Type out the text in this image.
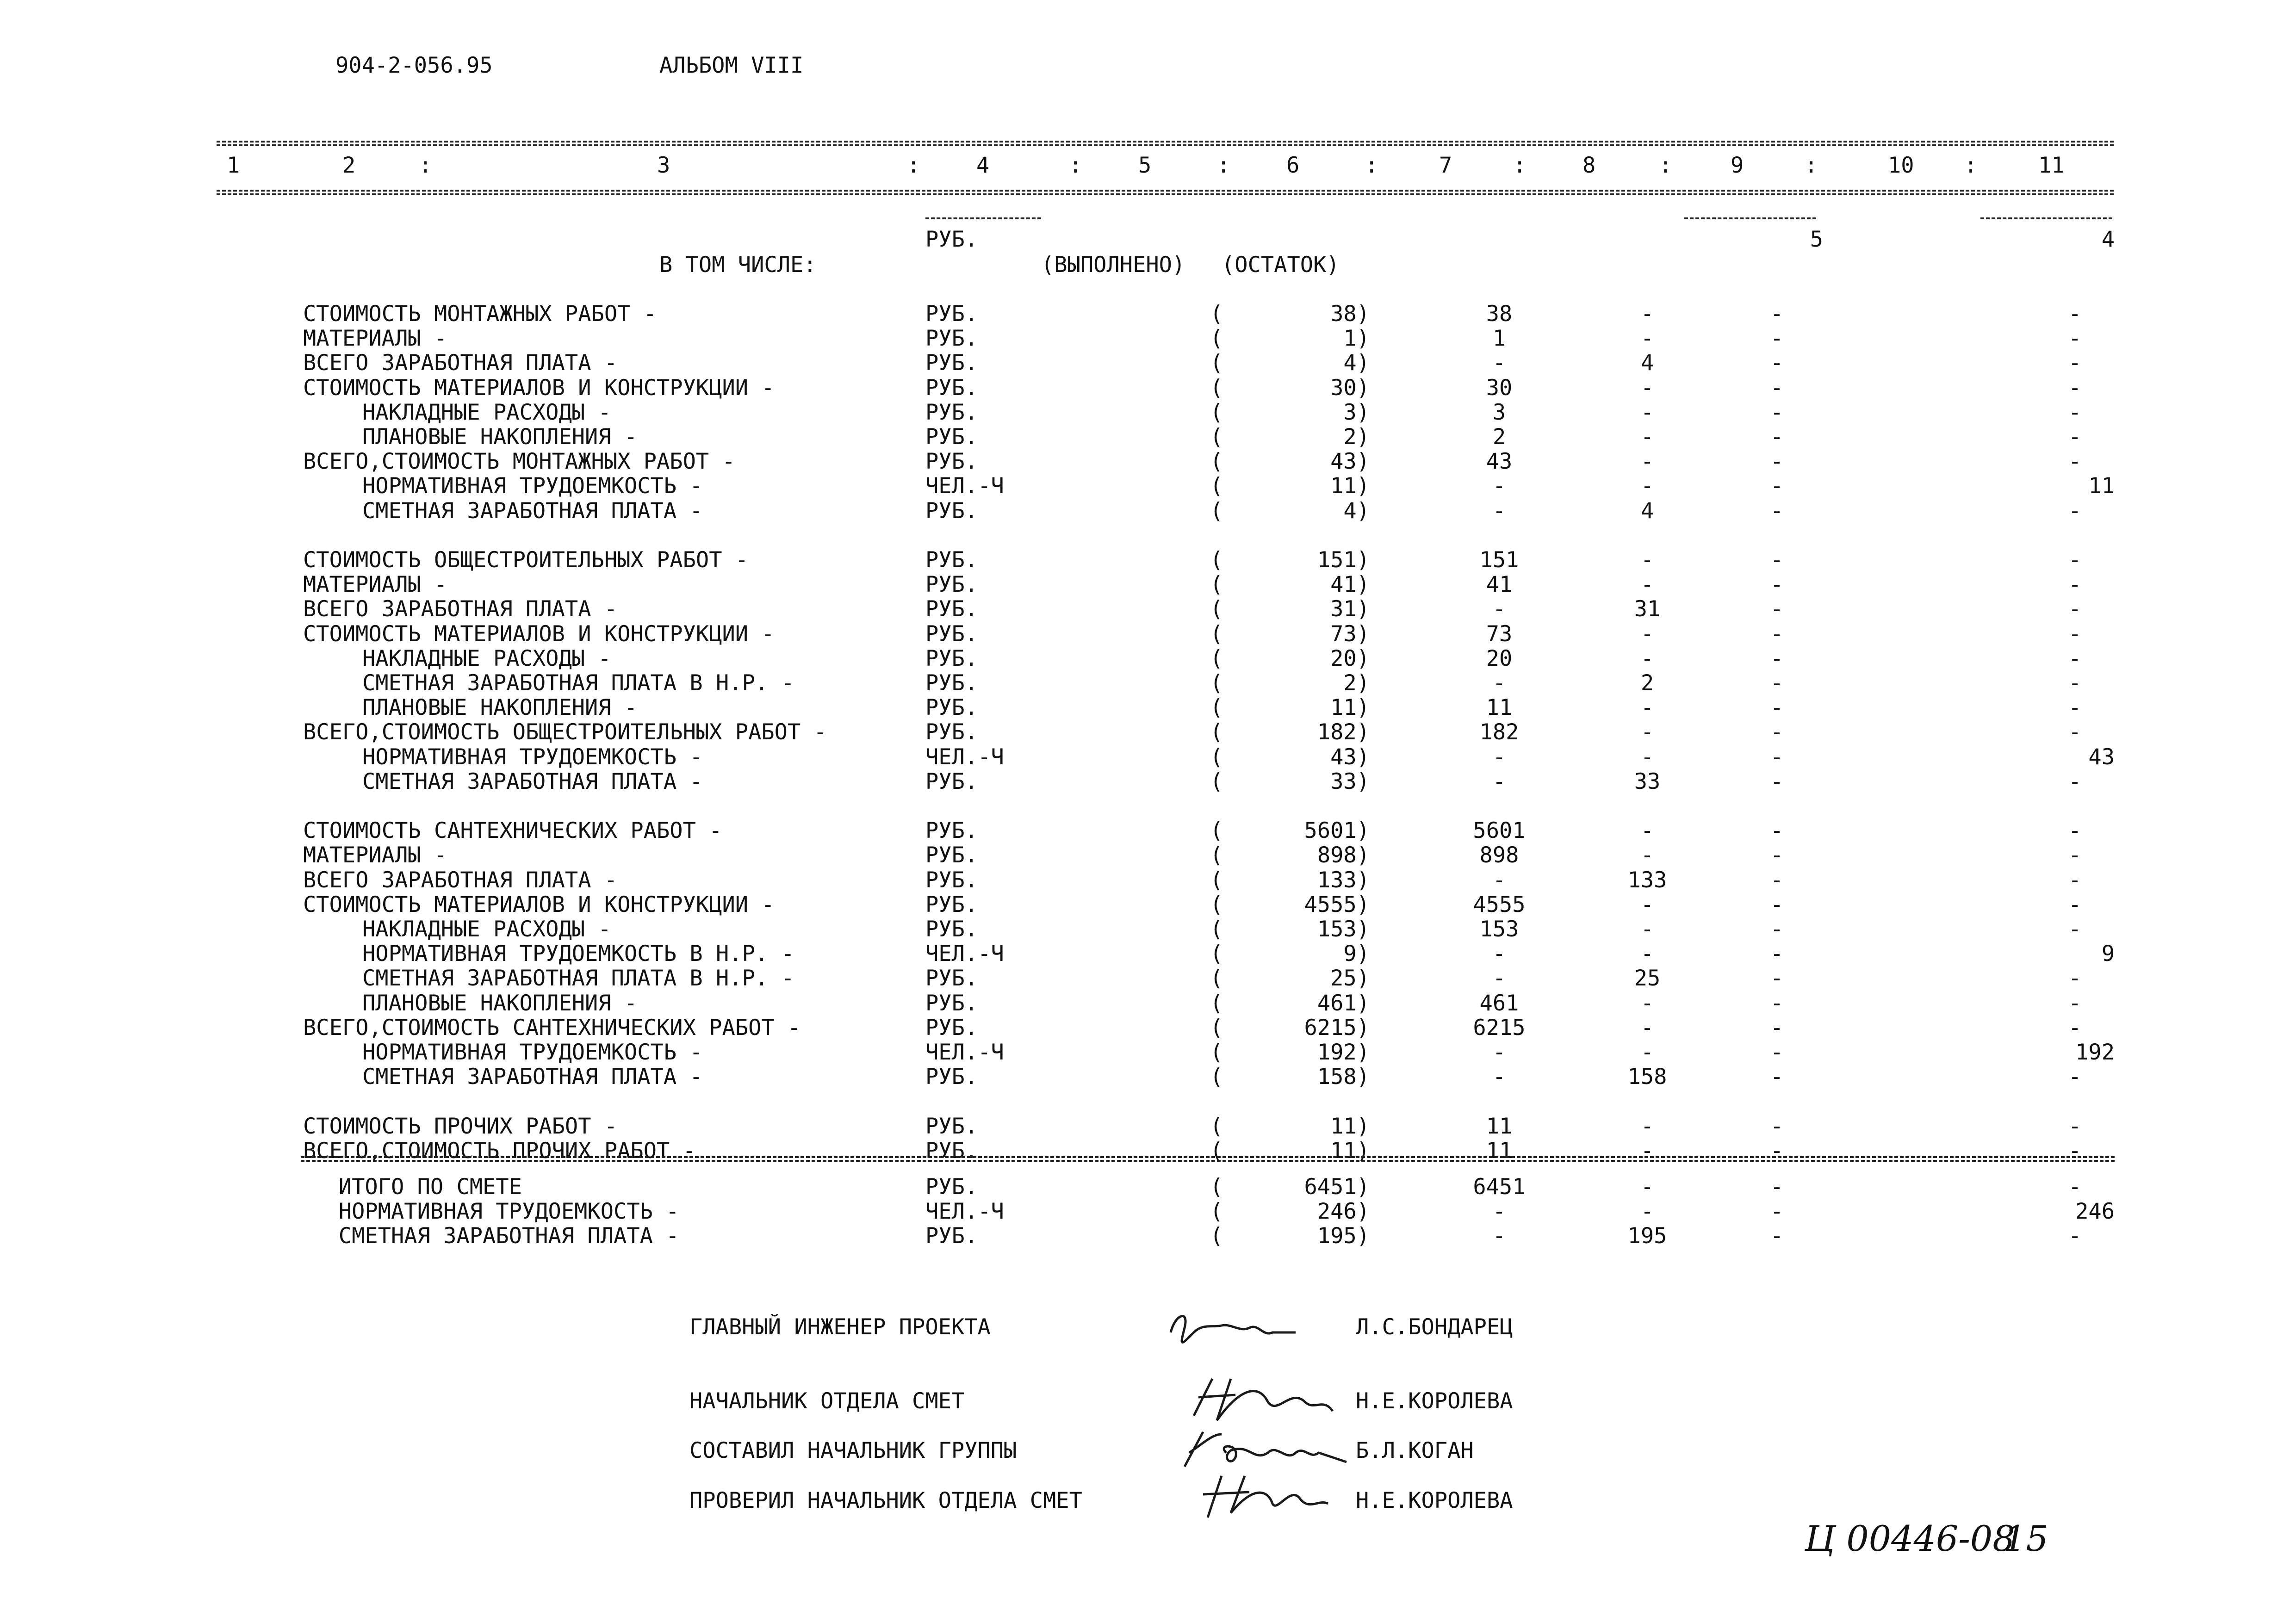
904-2-056.95	АЛЬБОМ VIII
1	2	:	3	:	4	:	5	:	6	:	7	:	8	:	9	:	10 :	11
РУБ.	5	4
В ТОМ ЧИСЛЕ:	(ВЫПОЛНЕНО) (ОСТАТОК)
СТОИМОСТЬ МОНТАЖНЫХ РАБОТ -	РУБ.	(	38)	38	-	-	-
МАТЕРИАЛЫ -	РУБ.	(	1)	1	-	-	-
ВСЕГО ЗАРАБОТНАЯ ПЛАТА -	РУБ.	(	4)	-	4	-	-
СТОИМОСТЬ МАТЕРИАЛОВ И КОНСТРУКЦИИ -	РУБ.	(	30)	30	-	-	-
НАКЛАДНЫЕ РАСХОДЫ -	РУБ.	(	3)	3	-	-	-
ПЛАНОВЫЕ НАКОПЛЕНИЯ -	РУБ.	(	2)	2	-	-	-
ВСЕГО,СТОИМОСТЬ МОНТАЖНЫХ РАБОТ -	РУБ.	(	43)	43	-	-	-
НОРМАТИВНАЯ ТРУДОЕМКОСТЬ -	ЧЕЛ.-Ч	(	11)	-	-	-	11
СМЕТНАЯ ЗАРАБОТНАЯ ПЛАТА -	РУБ.	(	4)	-	4	-	-
СТОИМОСТЬ ОБЩЕСТРОИТЕЛЬНЫХ РАБОТ -	РУБ.	(	151)	151	-	-	-
МАТЕРИАЛЫ -	РУБ.	(	41)	41	-	-	-
ВСЕГО ЗАРАБОТНАЯ ПЛАТА -	РУБ.	(	31)	-	31	-	-
СТОИМОСТЬ МАТЕРИАЛОВ И КОНСТРУКЦИИ -	РУБ.	(	73)	73	-	-	-
НАКЛАДНЫЕ РАСХОДЫ -	РУБ.	(	20)	20	-	-	-
СМЕТНАЯ ЗАРАБОТНАЯ ПЛАТА В Н.Р. -	РУБ.	(	2)	-	2	-	-
ПЛАНОВЫЕ НАКОПЛЕНИЯ -	РУБ.	(	11)	11	-	-	-
ВСЕГО,СТОИМОСТЬ ОБЩЕСТРОИТЕЛЬНЫХ РАБОТ -	РУБ.	(	182)	182	-	-	-
НОРМАТИВНАЯ ТРУДОЕМКОСТЬ -	ЧЕЛ.-Ч	(	43)	-	-	-	43
СМЕТНАЯ ЗАРАБОТНАЯ ПЛАТА -	РУБ.	(	33)	-	33	-	-
СТОИМОСТЬ САНТЕХНИЧЕСКИХ РАБОТ -	РУБ.	(	5601)	5601	-	-	-
МАТЕРИАЛЫ -	РУБ.	(	898)	898	-	-	-
ВСЕГО ЗАРАБОТНАЯ ПЛАТА -	РУБ.	(	133)	-	133	-	-
СТОИМОСТЬ МАТЕРИАЛОВ И КОНСТРУКЦИИ -	РУБ.	(	4555)	4555	-	-	-
НАКЛАДНЫЕ РАСХОДЫ -	РУБ.	(	153)	153	-	-	-
НОРМАТИВНАЯ ТРУДОЕМКОСТЬ В Н.Р. -	ЧЕЛ.-Ч	(	9)	-	-	-	9
СМЕТНАЯ ЗАРАБОТНАЯ ПЛАТА В Н.Р. -	РУБ.	(	25)	-	25	-	-
ПЛАНОВЫЕ НАКОПЛЕНИЯ -	РУБ.	(	461)	461	-	-	-
ВСЕГО,СТОИМОСТЬ САНТЕХНИЧЕСКИХ РАБОТ -	РУБ.	(	6215)	6215	-	-	-
НОРМАТИВНАЯ ТРУДОЕМКОСТЬ -	ЧЕЛ.-Ч	(	192)	-	-	-	192
СМЕТНАЯ ЗАРАБОТНАЯ ПЛАТА -	РУБ.	(	158)	-	158	-	-
СТОИМОСТЬ ПРОЧИХ РАБОТ -	РУБ.	(	11)	11	-	-	-
ВСЕГО,СТОИМОСТЬ ПРОЧИХ РАБОТ -	РУБ.	(	11)	11	-	-	-
ИТОГО ПО СМЕТЕ	РУБ.	(	6451)	6451	-	-	-
НОРМАТИВНАЯ ТРУДОЕМКОСТЬ -	ЧЕЛ.-Ч	(	246)	-	-	-	246
СМЕТНАЯ ЗАРАБОТНАЯ ПЛАТА -	РУБ.	(	195)	-	195	-	-
ГЛАВНЫЙ ИНЖЕНЕР ПРОЕКТА	Л.С.БОНДАРЕЦ
НАЧАЛЬНИК ОТДЕЛА СМЕТ	Н.Е.КОРОЛЕВА
СОСТАВИЛ НАЧАЛЬНИК ГРУППЫ	Б.Л.КОГАН
ПРОВЕРИЛ НАЧАЛЬНИК ОТДЕЛА СМЕТ	Н.Е.КОРОЛЕВА
Ц 00446-08
15
